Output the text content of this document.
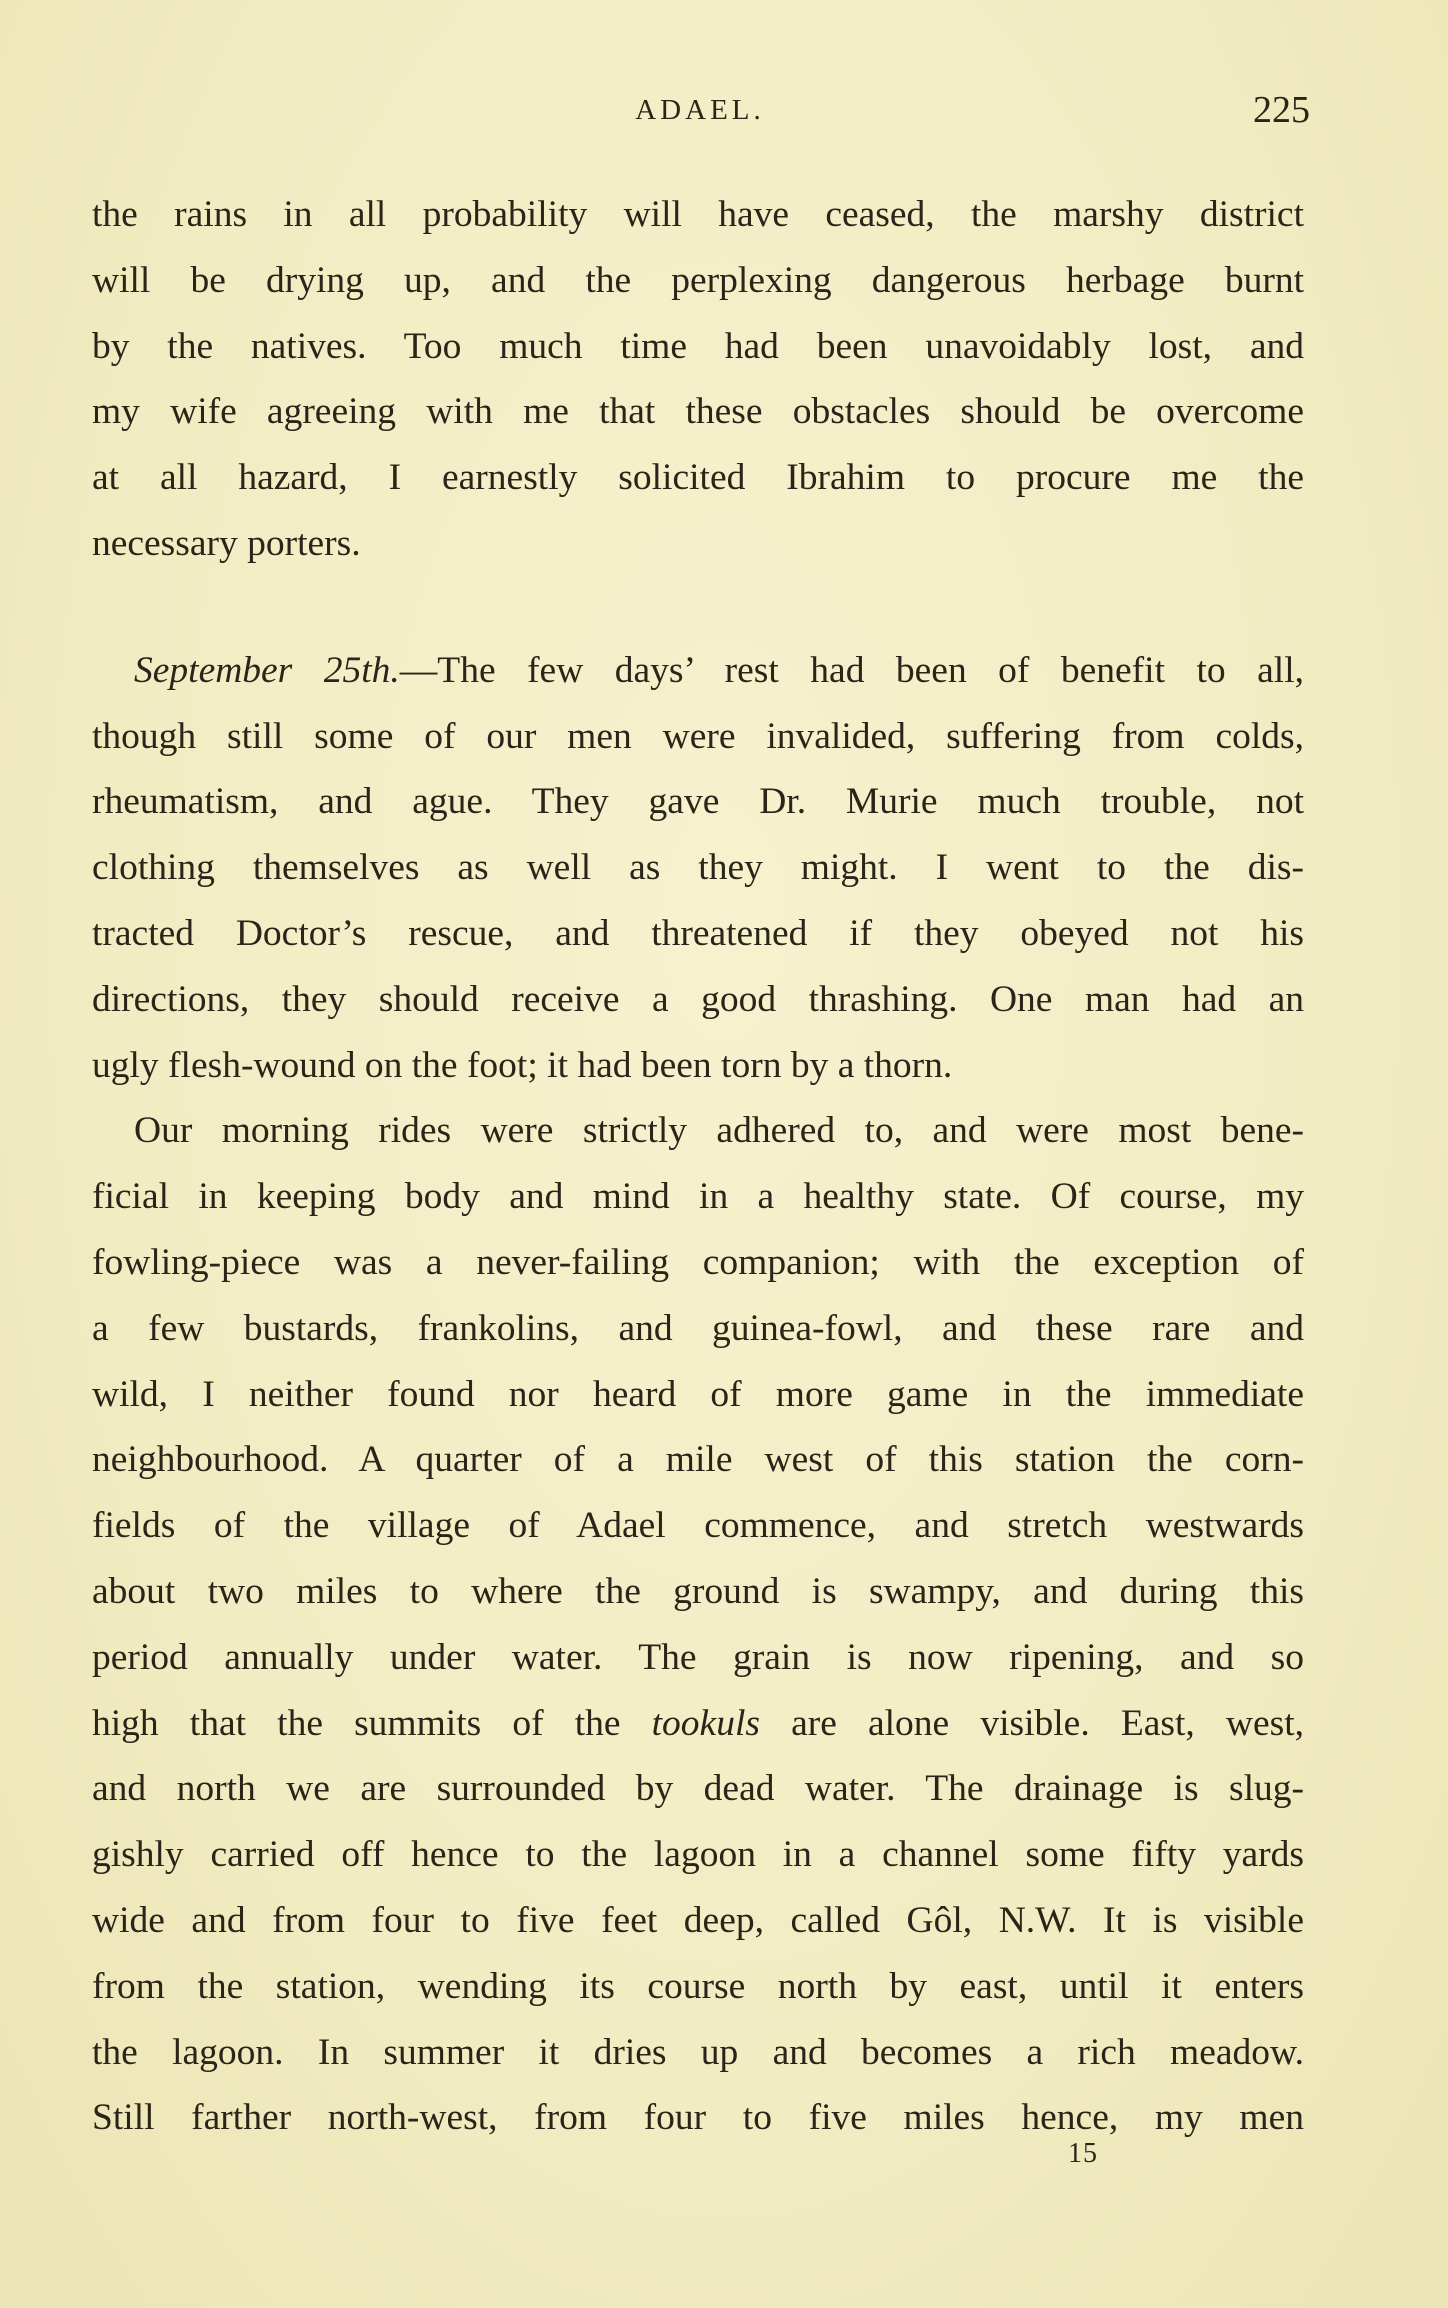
ADAEL.	225
the rains in all probability will have ceased, the marshy district
will be drying up, and the perplexing dangerous herbage burnt
by the natives. Too much time had been unavoidably lost, and
my wife agreeing with me that these obstacles should be overcome
at all hazard, I earnestly solicited Ibrahim to procure me the
necessary porters.
September 25th.—The few days’ rest had been of benefit to all,
though still some of our men were invalided, suffering from colds,
rheumatism, and ague. They gave Dr. Murie much trouble, not
clothing themselves as well as they might. I went to the dis-
tracted Doctor’s rescue, and threatened if they obeyed not his
directions, they should receive a good thrashing. One man had an
ugly flesh-wound on the foot; it had been torn by a thorn.
Our morning rides were strictly adhered to, and were most bene-
ficial in keeping body and mind in a healthy state. Of course, my
fowling-piece was a never-failing companion; with the exception of
a few bustards, frankolins, and guinea-fowl, and these rare and
wild, I neither found nor heard of more game in the immediate
neighbourhood. A quarter of a mile west of this station the corn-
fields of the village of Adael commence, and stretch westwards
about two miles to where the ground is swampy, and during this
period annually under water. The grain is now ripening, and so
high that the summits of the tookuls are alone visible. East, west,
and north we are surrounded by dead water. The drainage is slug-
gishly carried off hence to the lagoon in a channel some fifty yards
wide and from four to five feet deep, called Gôl, N.W. It is visible
from the station, wending its course north by east, until it enters
the lagoon. In summer it dries up and becomes a rich meadow.
Still farther north-west, from four to five miles hence, my men
15
